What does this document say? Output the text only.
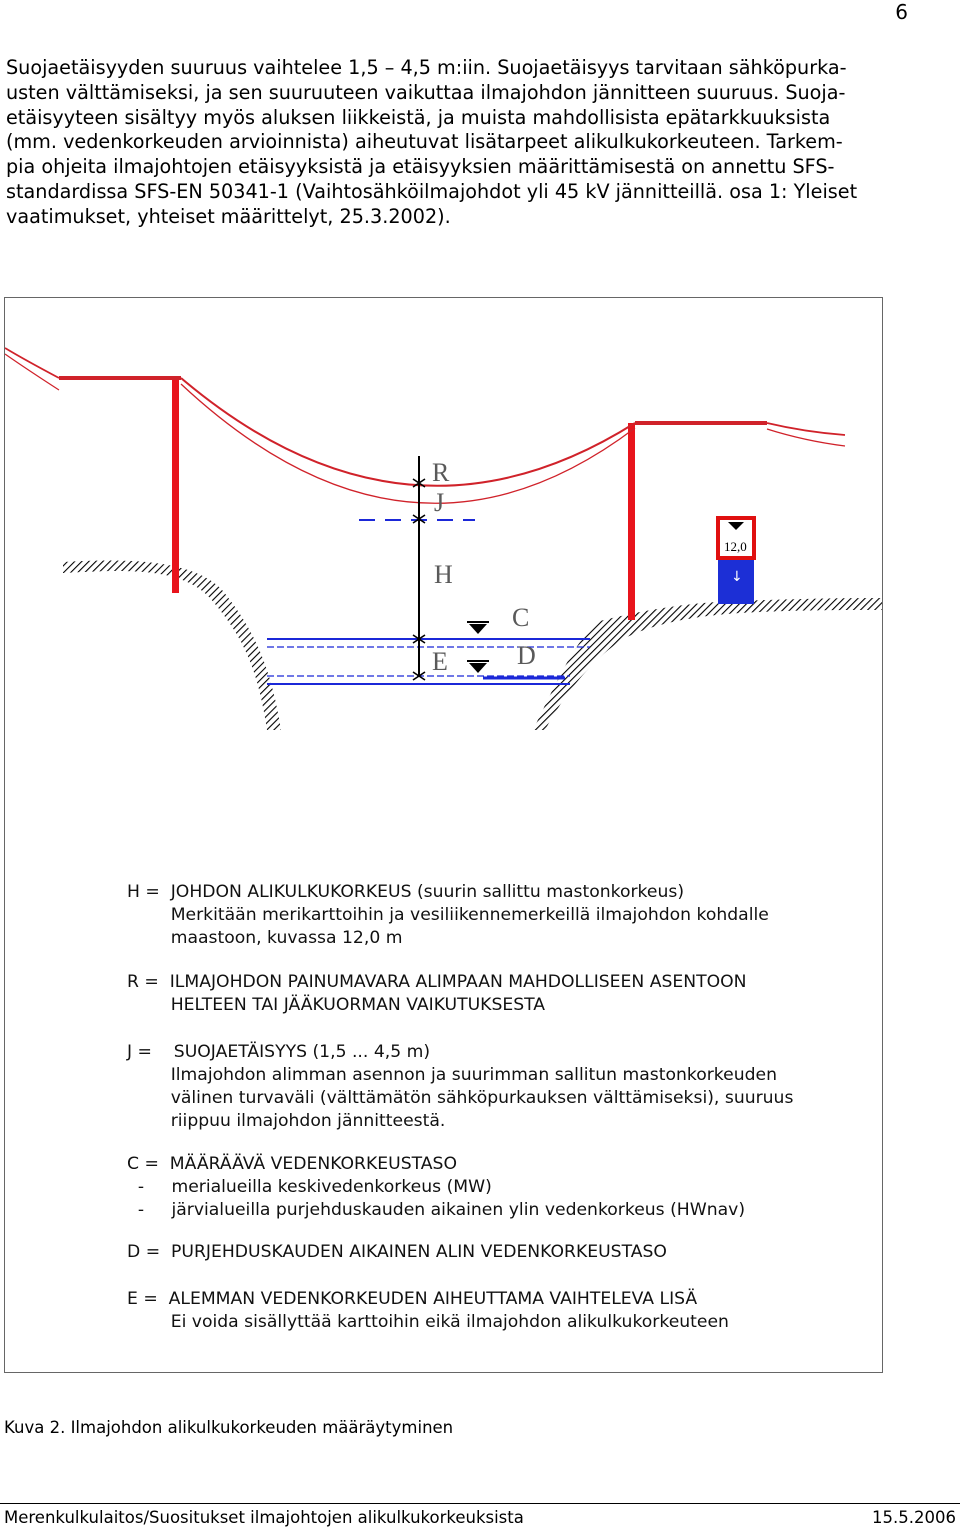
6
Suojaetäisyyden suuruus vaihtelee 1,5 – 4,5 m:iin. Suojaetäisyys tarvitaan sähköpurka-
usten välttämiseksi, ja sen suuruuteen vaikuttaa ilmajohdon jännitteen suuruus. Suoja-
etäisyyteen sisältyy myös aluksen liikkeistä, ja muista mahdollisista epätarkkuuksista
(mm. vedenkorkeuden arvioinnista) aiheutuvat lisätarpeet alikulkukorkeuteen. Tarkem-
pia ohjeita ilmajohtojen etäisyyksistä ja etäisyyksien määrittämisestä on annettu SFS-
standardissa SFS-EN 50341-1 (Vaihtosähköilmajohdot yli 45 kV jännitteillä. osa 1: Yleiset
vaatimukset, yhteiset määrittelyt, 25.3.2002).
R
J
H
C
D
E
12,0
↓
H =  JOHDON ALIKULKUKORKEUS (suurin sallittu mastonkorkeus)
Merkitään merikarttoihin ja vesiliikennemerkeillä ilmajohdon kohdalle
maastoon, kuvassa 12,0 m
R =  ILMAJOHDON PAINUMAVARA ALIMPAAN MAHDOLLISEEN ASENTOON
HELTEEN TAI JÄÄKUORMAN VAIKUTUKSESTA
J =    SUOJAETÄISYYS (1,5 ... 4,5 m)
Ilmajohdon alimman asennon ja suurimman sallitun mastonkorkeuden
välinen turvaväli (välttämätön sähköpurkauksen välttämiseksi), suuruus
riippuu ilmajohdon jännitteestä.
C =  MÄÄRÄÄVÄ VEDENKORKEUSTASO
-     merialueilla keskivedenkorkeus (MW)
-     järvialueilla purjehduskauden aikainen ylin vedenkorkeus (HWnav)
D =  PURJEHDUSKAUDEN AIKAINEN ALIN VEDENKORKEUSTASO
E =  ALEMMAN VEDENKORKEUDEN AIHEUTTAMA VAIHTELEVA LISÄ
Ei voida sisällyttää karttoihin eikä ilmajohdon alikulkukorkeuteen
Kuva 2. Ilmajohdon alikulkukorkeuden määräytyminen
Merenkulkulaitos/Suositukset ilmajohtojen alikulkukorkeuksista	15.5.2006
